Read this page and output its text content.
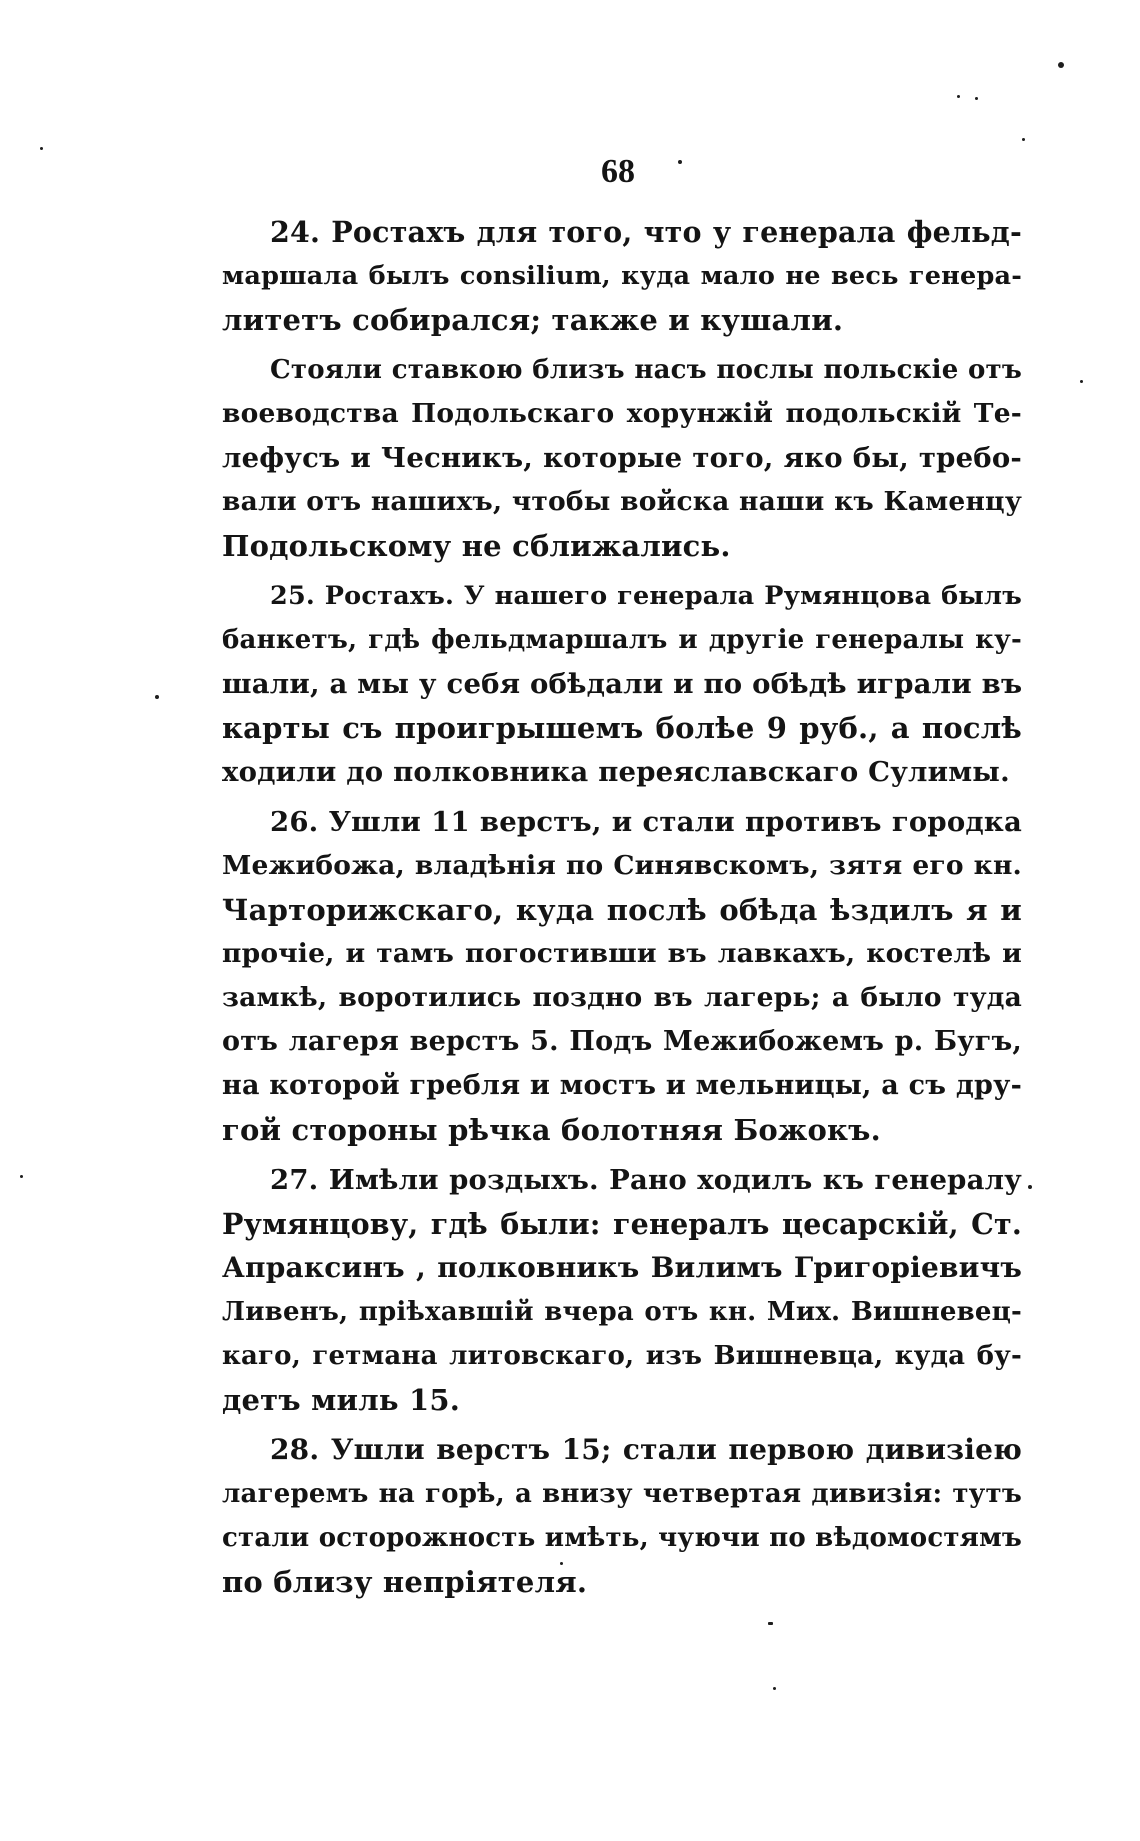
68
24. Ростахъ для того, что у генерала фельд-
маршала былъ consilium, куда мало не весь генера-
литетъ собирался; также и кушали.
Стояли ставкою близъ насъ послы польскіе отъ
воеводства Подольскаго хорунжій подольскій Те-
лефусъ и Чесникъ, которые того, яко бы, требо-
вали отъ нашихъ, чтобы войска наши къ Каменцу
Подольскому не сближались.
25. Ростахъ. У нашего генерала Румянцова былъ
банкетъ, гдѣ фельдмаршалъ и другіе генералы ку-
шали, а мы у себя обѣдали и по обѣдѣ играли въ
карты съ проигрышемъ болѣе 9 руб., а послѣ
ходили до полковника переяславскаго Сулимы.
26. Ушли 11 верстъ, и стали противъ городка
Межибожа, владѣнія по Синявскомъ, зятя его кн.
Чарторижскаго, куда послѣ обѣда ѣздилъ я и
прочіе, и тамъ погостивши въ лавкахъ, костелѣ и
замкѣ, воротились поздно въ лагерь; а было туда
отъ лагеря верстъ 5. Подъ Межибожемъ р. Бугъ,
на которой гребля и мостъ и мельницы, а съ дру-
гой стороны рѣчка болотняя Божокъ.
27. Имѣли роздыхъ. Рано ходилъ къ генералу
Румянцову, гдѣ были: генералъ цесарскій, Ст.
Апраксинъ , полковникъ Вилимъ Григоріевичъ
Ливенъ, пріѣхавшій вчера отъ кн. Мих. Вишневец-
каго, гетмана литовскаго, изъ Вишневца, куда бу-
детъ миль 15.
28. Ушли верстъ 15; стали первою дивизіею
лагеремъ на горѣ, а внизу четвертая дивизія: тутъ
стали осторожность имѣть, чуючи по вѣдомостямъ
по близу непріятеля.
